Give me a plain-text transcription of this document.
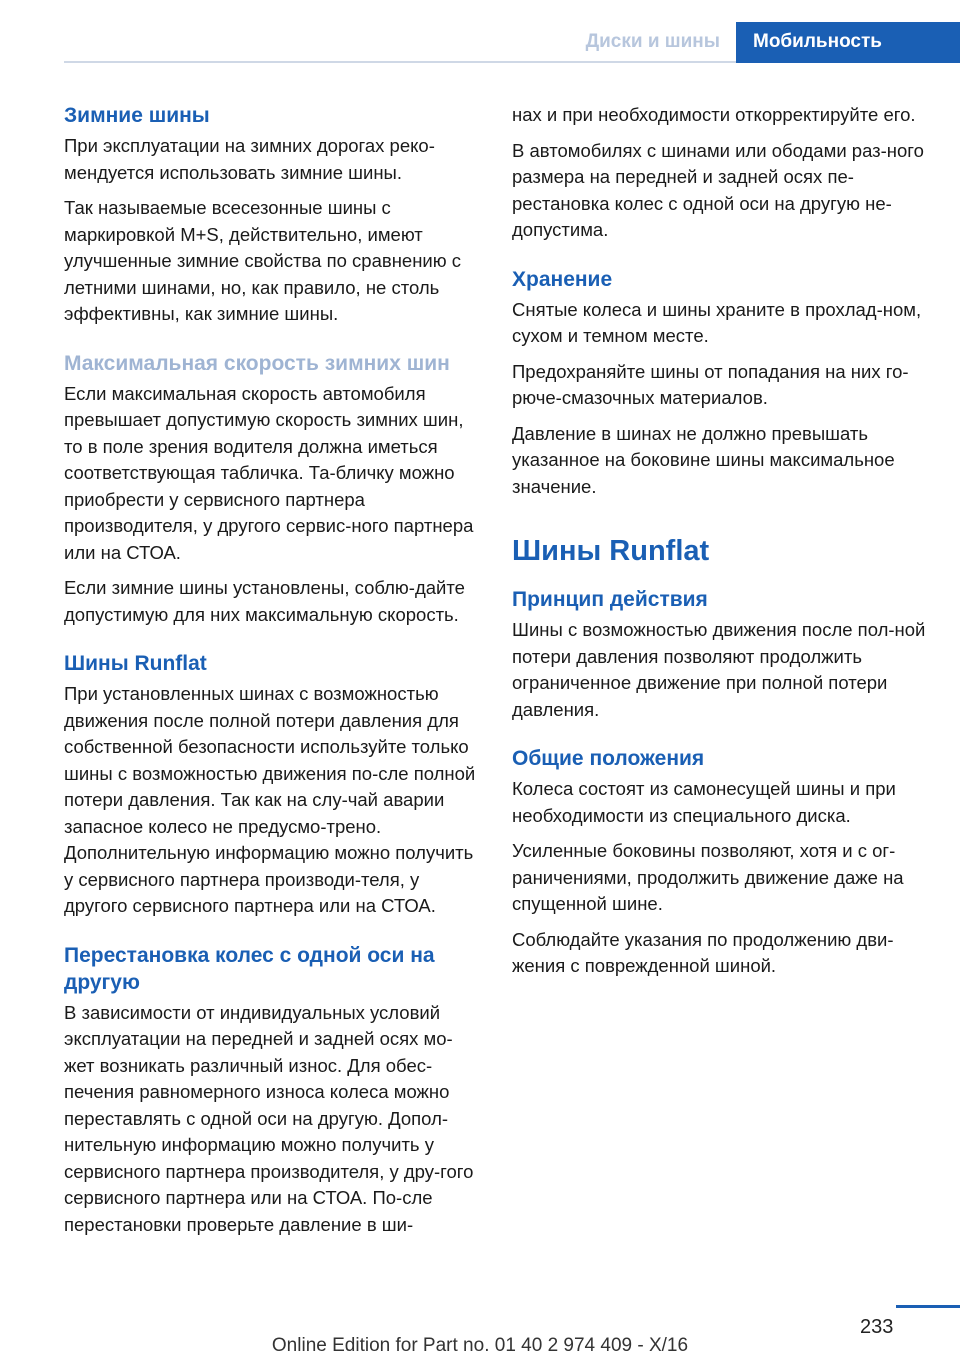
Диски и шины	Мобильность
Зимние шины

При эксплуатации на зимних дорогах реко-мендуется использовать зимние шины.

Так называемые всесезонные шины с маркировкой M+S, действительно, имеют улучшенные зимние свойства по сравнению с летними шинами, но, как правило, не столь эффективны, как зимние шины.

Максимальная скорость зимних шин

Если максимальная скорость автомобиля превышает допустимую скорость зимних шин, то в поле зрения водителя должна иметься соответствующая табличка. Та-бличку можно приобрести у сервисного партнера производителя, у другого сервис-ного партнера или на СТОА.

Если зимние шины установлены, соблю-дайте допустимую для них максимальную скорость.

Шины Runflat

При установленных шинах с возможностью движения после полной потери давления для собственной безопасности используйте только шины с возможностью движения по-сле полной потери давления. Так как на слу-чай аварии запасное колесо не предусмо-трено. Дополнительную информацию можно получить у сервисного партнера производи-теля, у другого сервисного партнера или на СТОА.

Перестановка колес с одной оси на другую

В зависимости от индивидуальных условий эксплуатации на передней и задней осях мо-жет возникать различный износ. Для обес-печения равномерного износа колеса можно переставлять с одной оси на другую. Допол-нительную информацию можно получить у сервисного партнера производителя, у дру-гого сервисного партнера или на СТОА. По-сле перестановки проверьте давление в ши-

нах и при необходимости откорректируйте его.

В автомобилях с шинами или ободами раз-ного размера на передней и задней осях пе-рестановка колес с одной оси на другую не-допустима.

Хранение

Снятые колеса и шины храните в прохлад-ном, сухом и темном месте.

Предохраняйте шины от попадания на них го-рюче-смазочных материалов.

Давление в шинах не должно превышать указанное на боковине шины максимальное значение.

Шины Runflat
Принцип действия

Шины с возможностью движения после пол-ной потери давления позволяют продолжить ограниченное движение при полной потери давления.

Общие положения

Колеса состоят из самонесущей шины и при необходимости из специального диска.

Усиленные боковины позволяют, хотя и с ог-раничениями, продолжить движение даже на спущенной шине.

Соблюдайте указания по продолжению дви-жения с поврежденной шиной.

233
Online Edition for Part no. 01 40 2 974 409 - X/16
